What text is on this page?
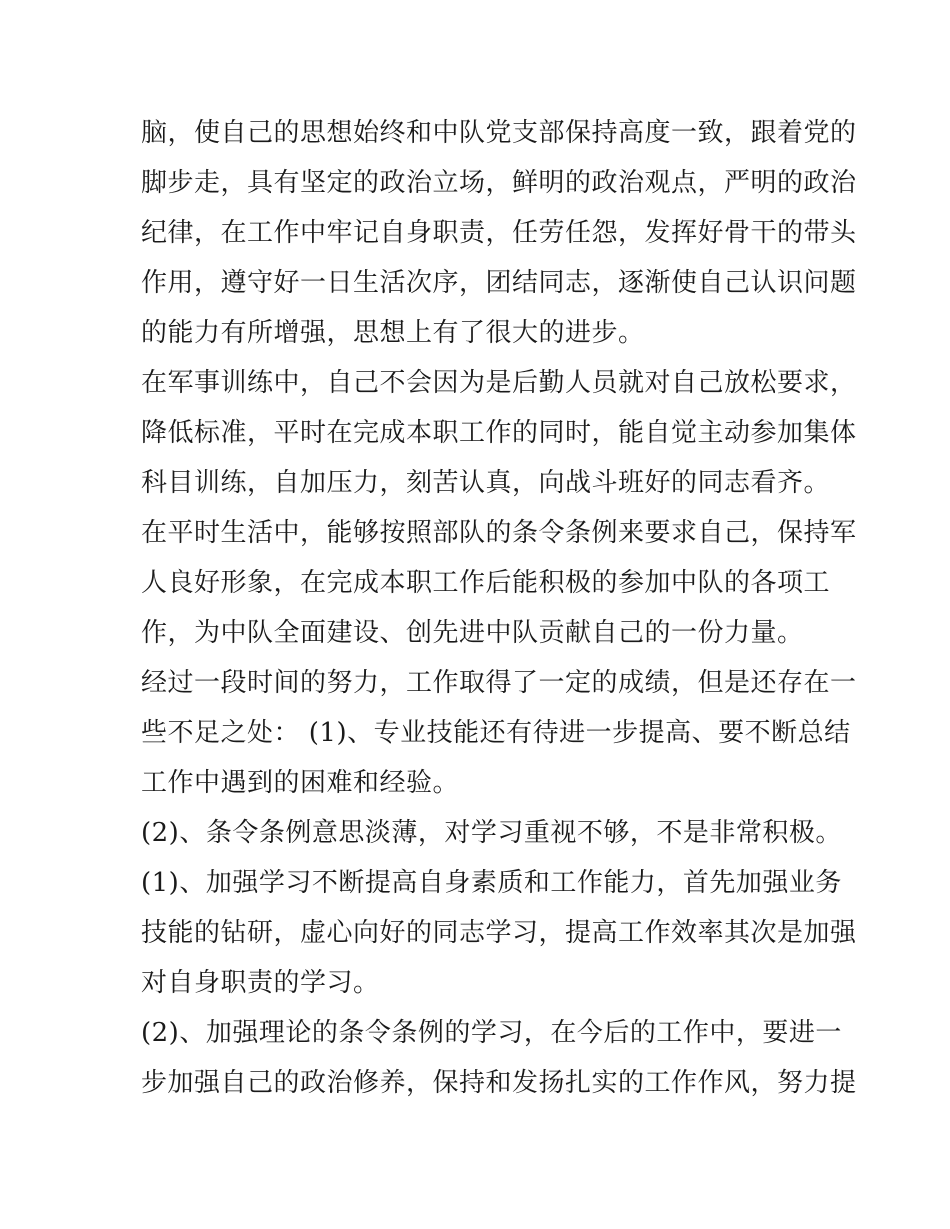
脑，使自己的思想始终和中队党支部保持高度一致，跟着党的
脚步走，具有坚定的政治立场，鲜明的政治观点，严明的政治
纪律，在工作中牢记自身职责，任劳任怨，发挥好骨干的带头
作用，遵守好一日生活次序，团结同志，逐渐使自己认识问题
的能力有所增强，思想上有了很大的进步。
在军事训练中，自己不会因为是后勤人员就对自己放松要求，
降低标准，平时在完成本职工作的同时，能自觉主动参加集体
科目训练，自加压力，刻苦认真，向战斗班好的同志看齐。
在平时生活中，能够按照部队的条令条例来要求自己，保持军
人良好形象，在完成本职工作后能积极的参加中队的各项工
作，为中队全面建设、创先进中队贡献自己的一份力量。
经过一段时间的努力，工作取得了一定的成绩，但是还存在一
些不足之处： (1)、专业技能还有待进一步提高、要不断总结
工作中遇到的困难和经验。
(2)、条令条例意思淡薄，对学习重视不够，不是非常积极。
(1)、加强学习不断提高自身素质和工作能力，首先加强业务
技能的钻研，虚心向好的同志学习，提高工作效率其次是加强
对自身职责的学习。
(2)、加强理论的条令条例的学习，在今后的工作中，要进一
步加强自己的政治修养，保持和发扬扎实的工作作风，努力提
